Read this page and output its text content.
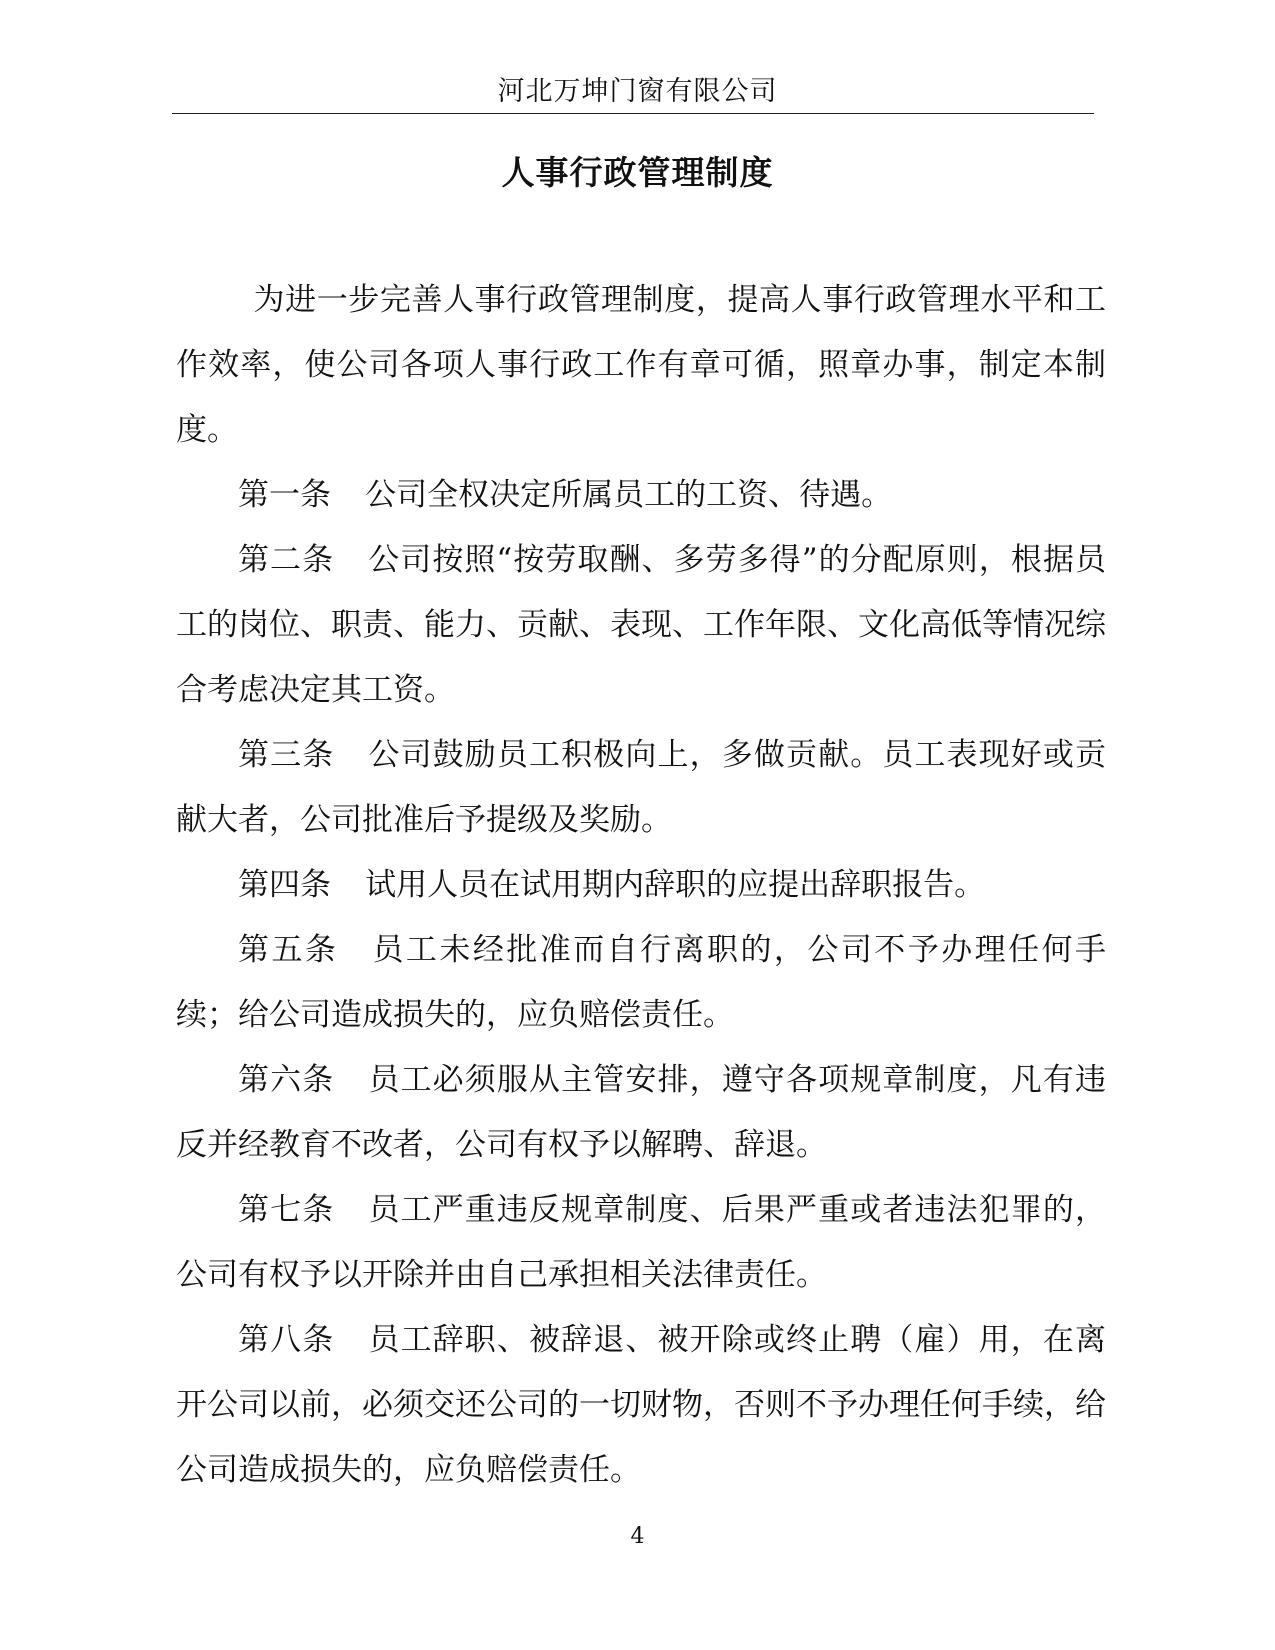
河北万坤门窗有限公司
人事行政管理制度

为进一步完善人事行政管理制度，提高人事行政管理水平和工作效率，使公司各项人事行政工作有章可循，照章办事，制定本制度。

第一条 公司全权决定所属员工的工资、待遇。

第二条 公司按照“按劳取酬、多劳多得”的分配原则，根据员工的岗位、职责、能力、贡献、表现、工作年限、文化高低等情况综合考虑决定其工资。

第三条 公司鼓励员工积极向上，多做贡献。员工表现好或贡献大者，公司批准后予提级及奖励。

第四条 试用人员在试用期内辞职的应提出辞职报告。

第五条 员工未经批准而自行离职的，公司不予办理任何手续；给公司造成损失的，应负赔偿责任。

第六条 员工必须服从主管安排，遵守各项规章制度，凡有违反并经教育不改者，公司有权予以解聘、辞退。

第七条 员工严重违反规章制度、后果严重或者违法犯罪的，公司有权予以开除并由自己承担相关法律责任。

第八条 员工辞职、被辞退、被开除或终止聘（雇）用，在离开公司以前，必须交还公司的一切财物，否则不予办理任何手续，给公司造成损失的，应负赔偿责任。

4
